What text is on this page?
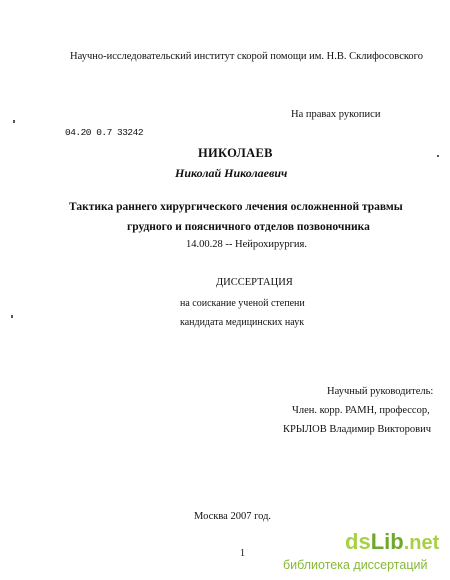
Научно-исследовательский институт скорой помощи им. Н.В. Склифосовского
На правах рукописи
04.20 0.7 33242
НИКОЛАЕВ
Николай Николаевич
Тактика раннего хирургического лечения осложненной травмы
грудного и поясничного отделов позвоночника
14.00.28 -- Нейрохирургия.
ДИССЕРТАЦИЯ
на соискание ученой степени
кандидата медицинских наук
Научный руководитель:
Член. корр. РАМН, профессор,
КРЫЛОВ Владимир Викторович
Москва 2007 год.
1	dsLib.net
библиотека диссертаций
